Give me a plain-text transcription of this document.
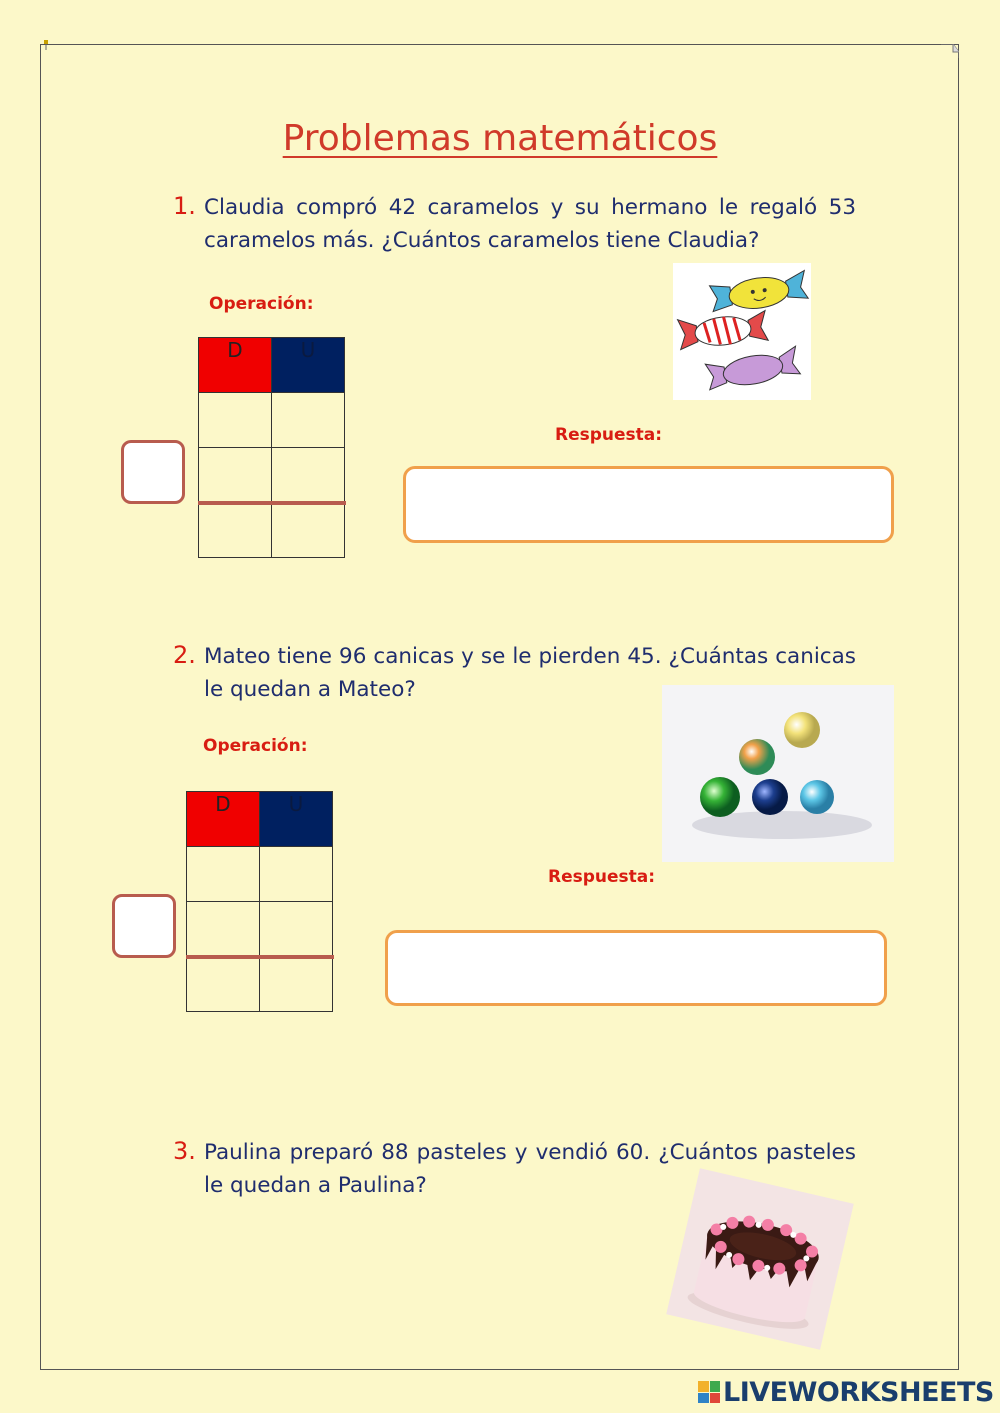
Problemas matemáticos
1. Claudia compró 42 caramelos y su hermano le regaló 53 caramelos más. ¿Cuántos caramelos tiene Claudia?
Operación:
D	U

Respuesta:
2. Mateo tiene 96 canicas y se le pierden 45. ¿Cuántas canicas le quedan a Mateo?
Operación:
D	U

Respuesta:
3. Paulina preparó 88 pasteles y vendió 60. ¿Cuántos pasteles le quedan a Paulina?
LIVEWORKSHEETS
